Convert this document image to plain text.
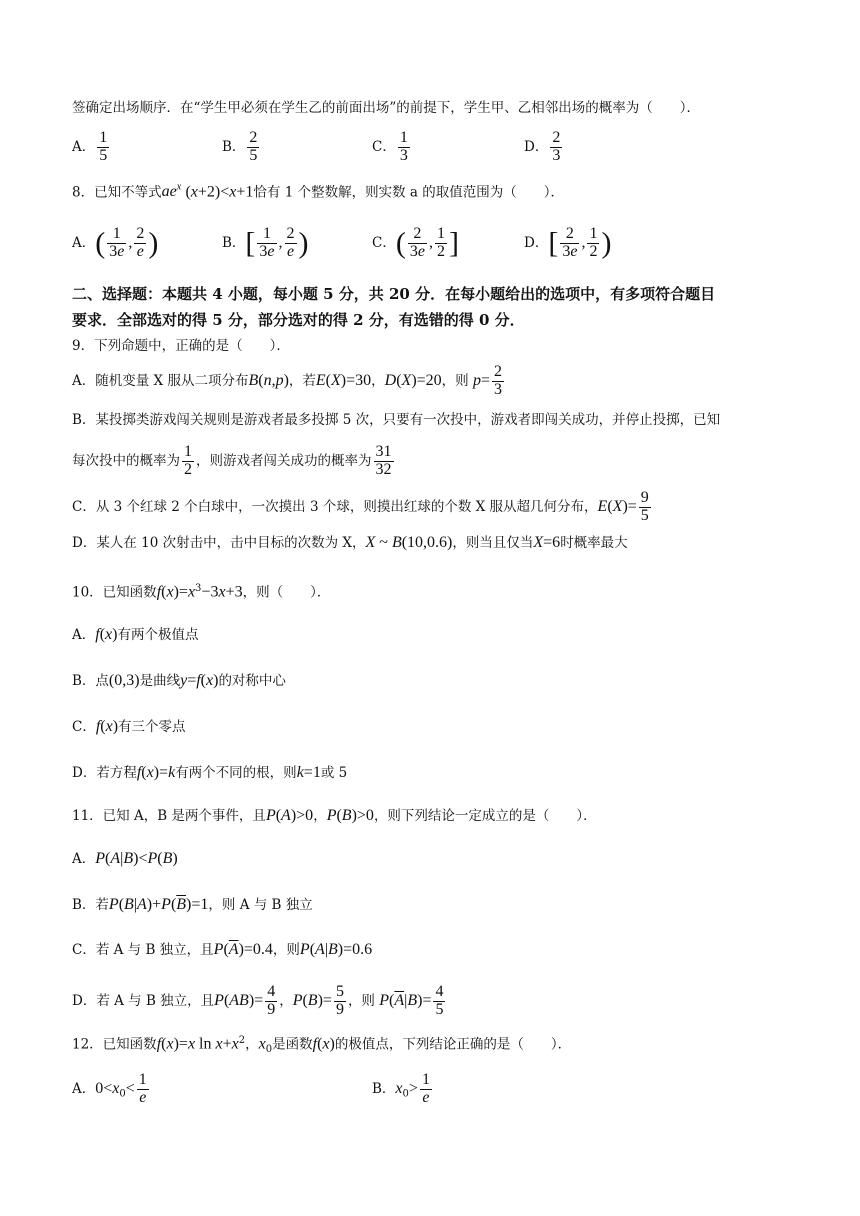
签确定出场顺序．在“学生甲必须在学生乙的前面出场”的前提下，学生甲、乙相邻出场的概率为（　　）．
A． $\frac{1}{5}$	B． $\frac{2}{5}$	C． $\frac{1}{3}$	D． $\frac{2}{3}$
8．已知不等式$ae^x$ (x+2)<x+1恰有 1 个整数解，则实数 a 的取值范围为（　　）．
A．( $\frac{1}{3e}$ , $\frac{2}{e}$ )	B．[ $\frac{1}{3e}$ , $\frac{2}{e}$ )	C．( $\frac{2}{3e}$ , $\frac{1}{2}$ ]	D．[ $\frac{2}{3e}$ , $\frac{1}{2}$ )
二、选择题：本题共 4 小题，每小题 5 分，共 20 分．在每小题给出的选项中，有多项符合题目
要求．全部选对的得 5 分，部分选对的得 2 分，有选错的得 0 分．
9．下列命题中，正确的是（　　）．
A．随机变量 X 服从二项分布B(n,p)，若E(X)=30，D(X)=20，则 $p= \frac{2}{3}$
B．某投掷类游戏闯关规则是游戏者最多投掷 5 次，只要有一次投中，游戏者即闯关成功，并停止投掷，已知
每次投中的概率为 $\frac{1}{2}$ ，则游戏者闯关成功的概率为 $\frac{31}{32}$
C．从 3 个红球 2 个白球中，一次摸出 3 个球，则摸出红球的个数 X 服从超几何分布，$E(X)= \frac{9}{5}$
D．某人在 10 次射击中，击中目标的次数为 X，X ~ B(10,0.6)，则当且仅当X=6时概率最大
10．已知函数$f(x)=x^3-3x+3$，则（　　）．
A．f(x)有两个极值点
B．点(0,3)是曲线y=f(x)的对称中心
C．f(x)有三个零点
D．若方程f(x)=k有两个不同的根，则k=1或 5
11．已知 A，B 是两个事件，且P(A)>0，P(B)>0，则下列结论一定成立的是（　　）．
A．P(A|B)<P(B)
B．若$P(B|A)+P(\overline{B})=1$，则 A 与 B 独立
C．若 A 与 B 独立，且$P(\overline{A})=0.4$，则P(A|B)=0.6
D．若 A 与 B 独立，且$P(AB)= \frac{4}{9}$ ，$P(B)= \frac{5}{9}$ ，则 $P(\overline{A}|B)= \frac{4}{5}$
12．已知函数f(x)=x $\ln x+x^2$，$x_0$是函数f(x)的极值点，下列结论正确的是（　　）．
A．$0<x_0< \frac{1}{e}$	B．$x_0> \frac{1}{e}$
